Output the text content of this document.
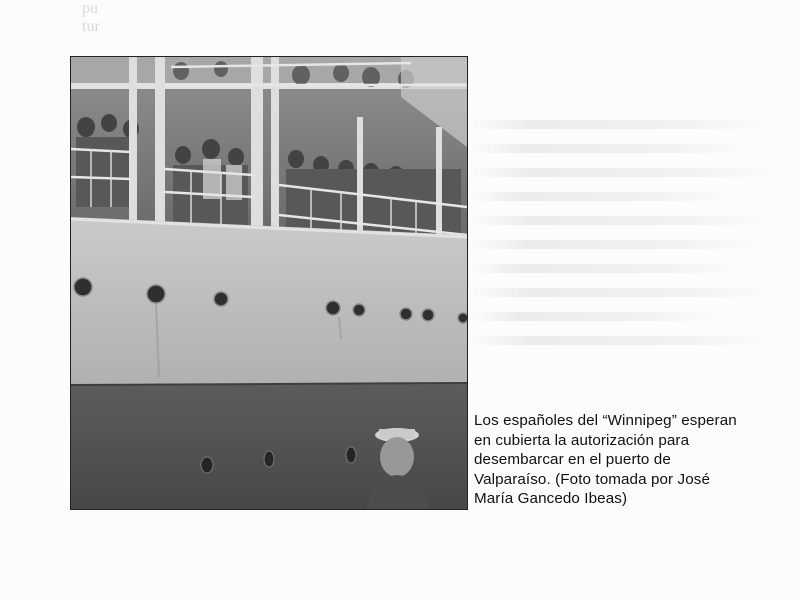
pu
tur
Los españoles del “Winnipeg” esperan
en cubierta la autorización para
desembarcar en el puerto de
Valparaíso. (Foto tomada por José
María Gancedo Ibeas)
